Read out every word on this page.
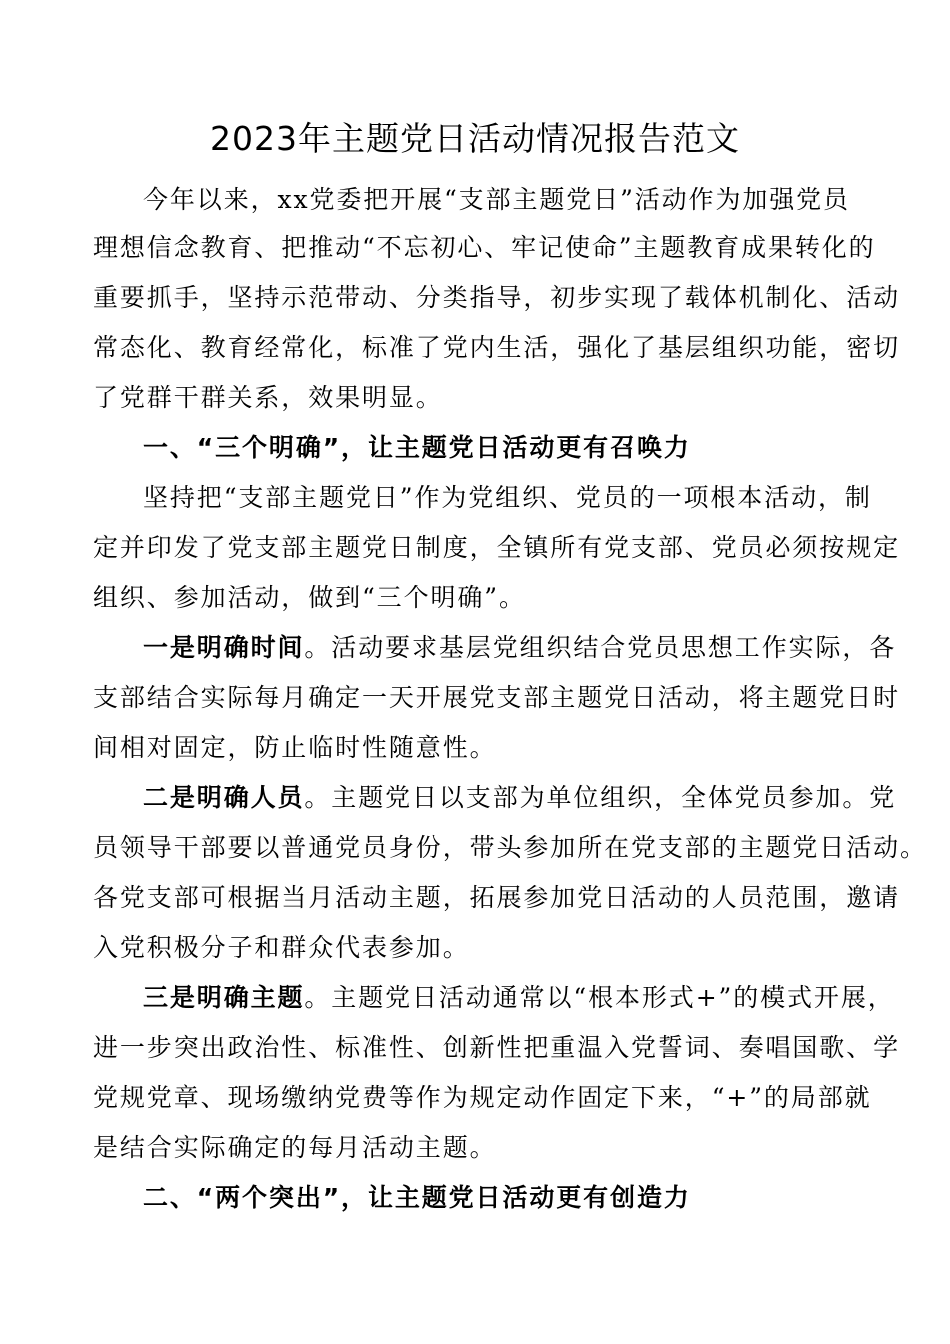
2023年主题党日活动情况报告范文
今年以来，xx党委把开展“支部主题党日”活动作为加强党员
理想信念教育、把推动“不忘初心、牢记使命”主题教育成果转化的
重要抓手，坚持示范带动、分类指导，初步实现了载体机制化、活动
常态化、教育经常化，标准了党内生活，强化了基层组织功能，密切
了党群干群关系，效果明显。
一、“三个明确”，让主题党日活动更有召唤力
坚持把“支部主题党日”作为党组织、党员的一项根本活动，制
定并印发了党支部主题党日制度，全镇所有党支部、党员必须按规定
组织、参加活动，做到“三个明确”。
一是明确时间。活动要求基层党组织结合党员思想工作实际，各
支部结合实际每月确定一天开展党支部主题党日活动，将主题党日时
间相对固定，防止临时性随意性。
二是明确人员。主题党日以支部为单位组织，全体党员参加。党
员领导干部要以普通党员身份，带头参加所在党支部的主题党日活动。
各党支部可根据当月活动主题，拓展参加党日活动的人员范围，邀请
入党积极分子和群众代表参加。
三是明确主题。主题党日活动通常以“根本形式+”的模式开展，
进一步突出政治性、标准性、创新性把重温入党誓词、奏唱国歌、学
党规党章、现场缴纳党费等作为规定动作固定下来，“+”的局部就
是结合实际确定的每月活动主题。
二、“两个突出”，让主题党日活动更有创造力
